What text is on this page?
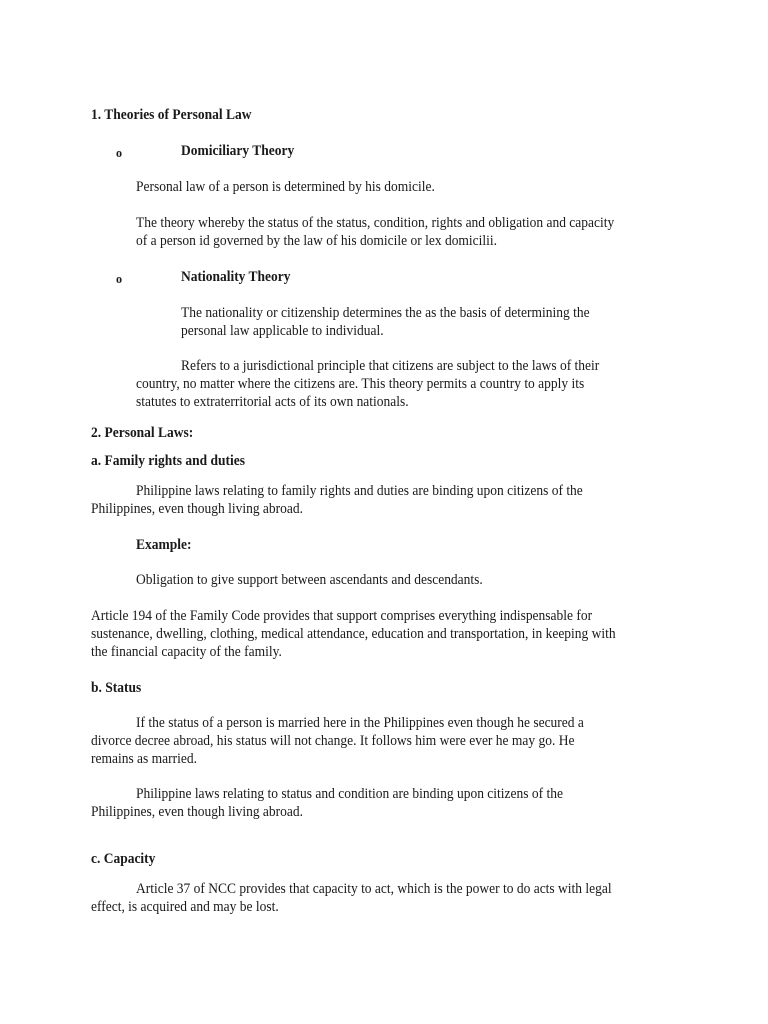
1. Theories of Personal Law
o	Domiciliary Theory
Personal law of a person is determined by his domicile.
The theory whereby the status of the status, condition, rights and obligation and capacity
of a person id governed by the law of his domicile or lex domicilii.
o	Nationality Theory
The nationality or citizenship determines the as the basis of determining the
personal law applicable to individual.
Refers to a jurisdictional principle that citizens are subject to the laws of their
country, no matter where the citizens are. This theory permits a country to apply its
statutes to extraterritorial acts of its own nationals.
2. Personal Laws:
a. Family rights and duties
Philippine laws relating to family rights and duties are binding upon citizens of the
Philippines, even though living abroad.
Example:
Obligation to give support between ascendants and descendants.
Article 194 of the Family Code provides that support comprises everything indispensable for
sustenance, dwelling, clothing, medical attendance, education and transportation, in keeping with
the financial capacity of the family.
b. Status
If the status of a person is married here in the Philippines even though he secured a
divorce decree abroad, his status will not change. It follows him were ever he may go. He
remains as married.
Philippine laws relating to status and condition are binding upon citizens of the
Philippines, even though living abroad.
c. Capacity
Article 37 of NCC provides that capacity to act, which is the power to do acts with legal
effect, is acquired and may be lost.
